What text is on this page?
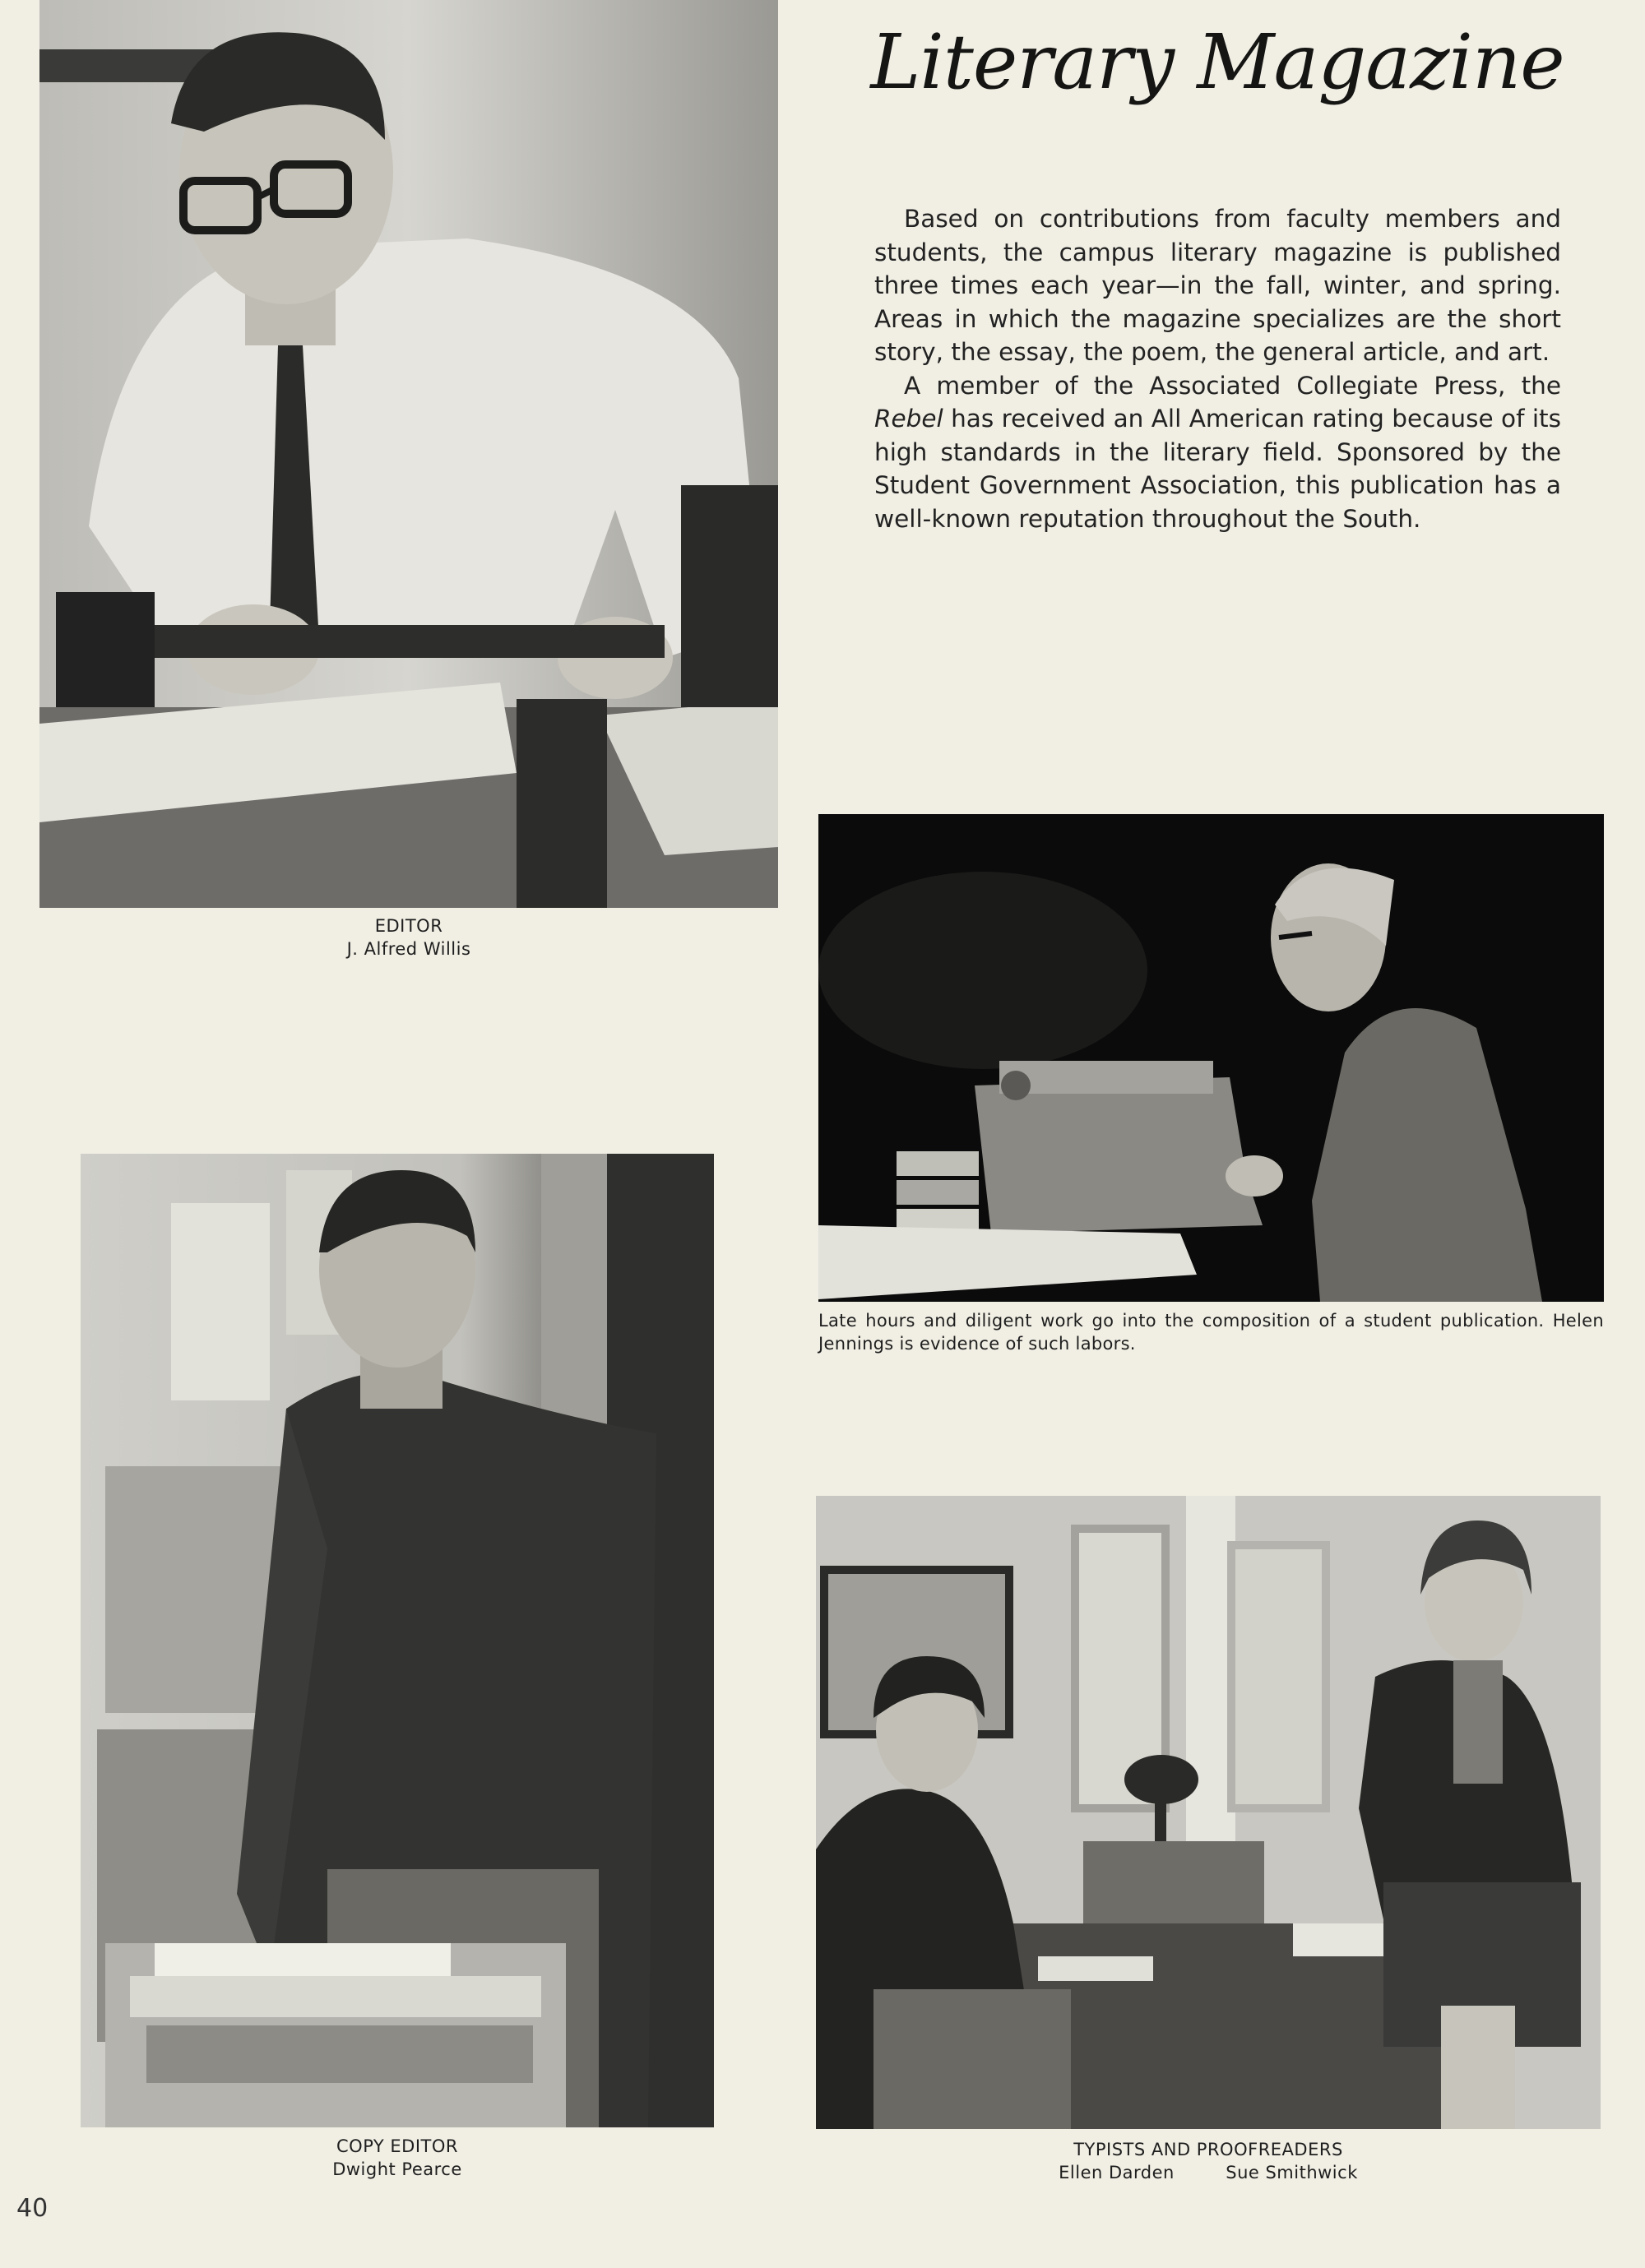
Literary Magazine

Based on contributions from faculty members and students, the campus literary magazine is published three times each year—in the fall, winter, and spring. Areas in which the magazine specializes are the short story, the essay, the poem, the general article, and art.

A member of the Associated Collegiate Press, the Rebel has received an All American rating because of its high standards in the literary field. Sponsored by the Student Government Association, this publication has a well-known reputation throughout the South.

EDITOR
J. Alfred Willis
Late hours and diligent work go into the composition of a student publication. Helen Jennings is evidence of such labors.
COPY EDITOR
Dwight Pearce
TYPISTS AND PROOFREADERS
Ellen Darden	Sue Smithwick
40
